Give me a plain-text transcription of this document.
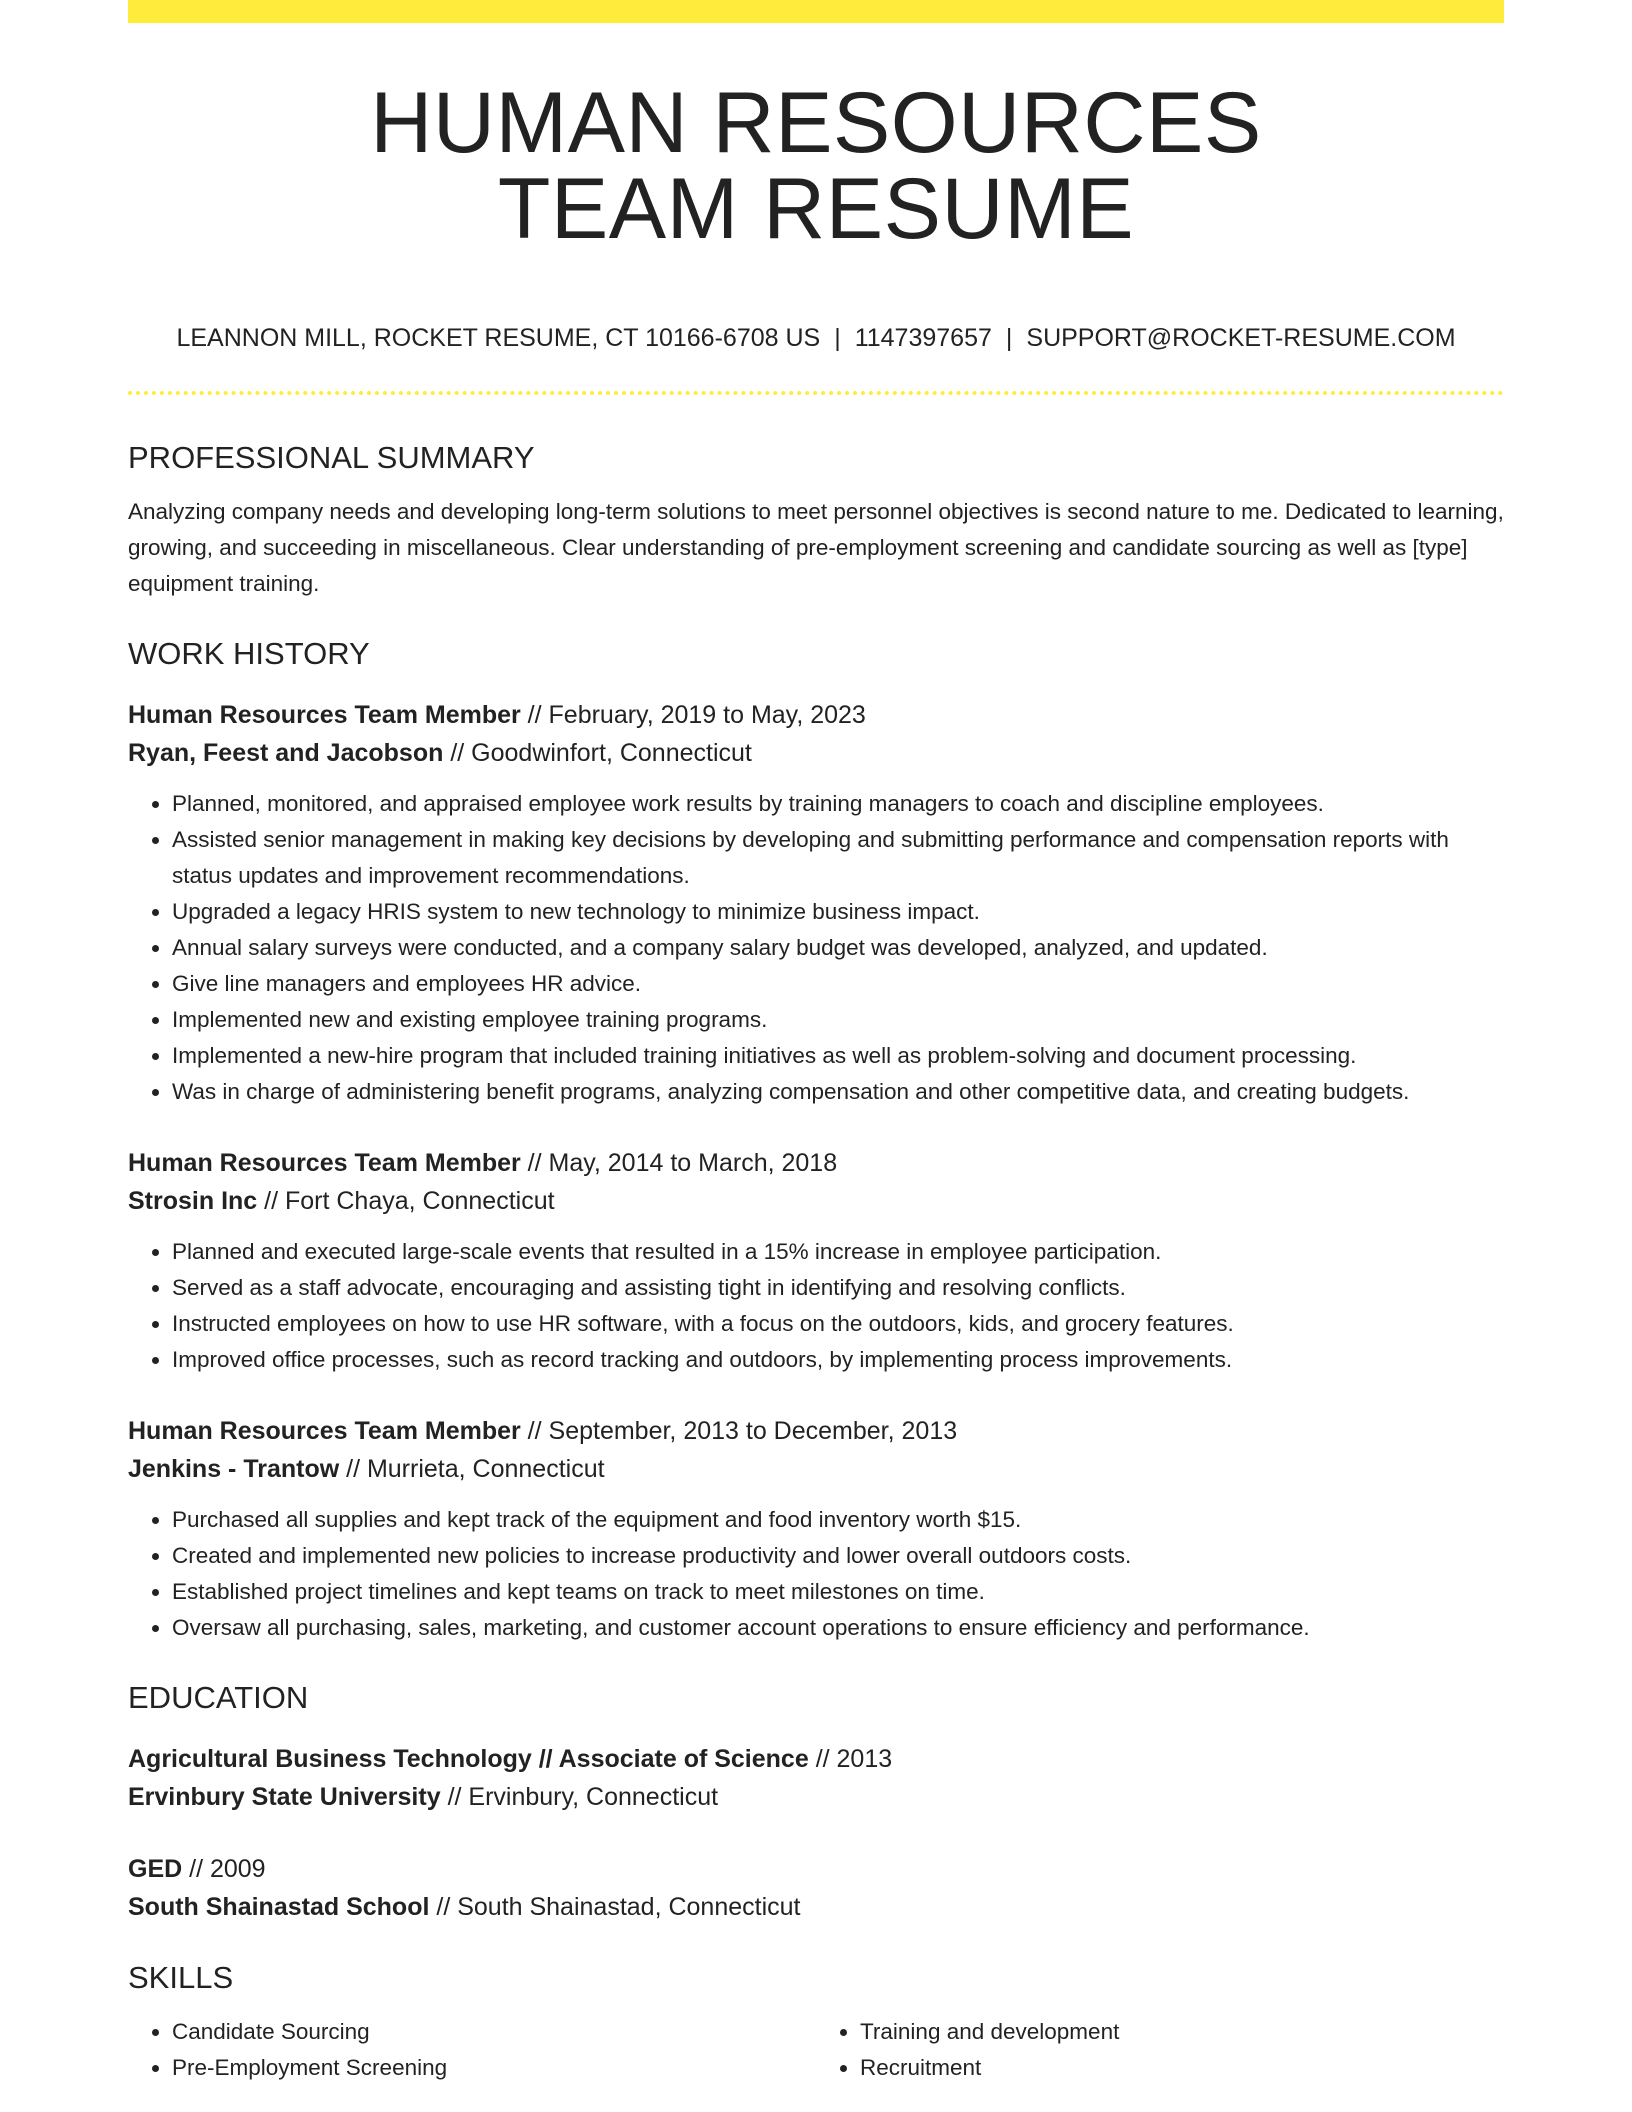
HUMAN RESOURCES
TEAM RESUME
LEANNON MILL, ROCKET RESUME, CT 10166-6708 US | 1147397657 | SUPPORT@ROCKET-RESUME.COM
PROFESSIONAL SUMMARY

Analyzing company needs and developing long-term solutions to meet personnel objectives is second nature to me. Dedicated to learning, growing, and succeeding in miscellaneous. Clear understanding of pre-employment screening and candidate sourcing as well as [type] equipment training.

WORK HISTORY
Human Resources Team Member // February, 2019 to May, 2023
Ryan, Feest and Jacobson // Goodwinfort, Connecticut
• Planned, monitored, and appraised employee work results by training managers to coach and discipline employees.
• Assisted senior management in making key decisions by developing and submitting performance and compensation reports with status updates and improvement recommendations.
• Upgraded a legacy HRIS system to new technology to minimize business impact.
• Annual salary surveys were conducted, and a company salary budget was developed, analyzed, and updated.
• Give line managers and employees HR advice.
• Implemented new and existing employee training programs.
• Implemented a new-hire program that included training initiatives as well as problem-solving and document processing.
• Was in charge of administering benefit programs, analyzing compensation and other competitive data, and creating budgets.
Human Resources Team Member // May, 2014 to March, 2018
Strosin Inc // Fort Chaya, Connecticut
• Planned and executed large-scale events that resulted in a 15% increase in employee participation.
• Served as a staff advocate, encouraging and assisting tight in identifying and resolving conflicts.
• Instructed employees on how to use HR software, with a focus on the outdoors, kids, and grocery features.
• Improved office processes, such as record tracking and outdoors, by implementing process improvements.
Human Resources Team Member // September, 2013 to December, 2013
Jenkins - Trantow // Murrieta, Connecticut
• Purchased all supplies and kept track of the equipment and food inventory worth $15.
• Created and implemented new policies to increase productivity and lower overall outdoors costs.
• Established project timelines and kept teams on track to meet milestones on time.
• Oversaw all purchasing, sales, marketing, and customer account operations to ensure efficiency and performance.
EDUCATION
Agricultural Business Technology // Associate of Science // 2013
Ervinbury State University // Ervinbury, Connecticut
GED // 2009
South Shainastad School // South Shainastad, Connecticut
SKILLS
• Candidate Sourcing
• Pre-Employment Screening
• Training and development
• Recruitment
